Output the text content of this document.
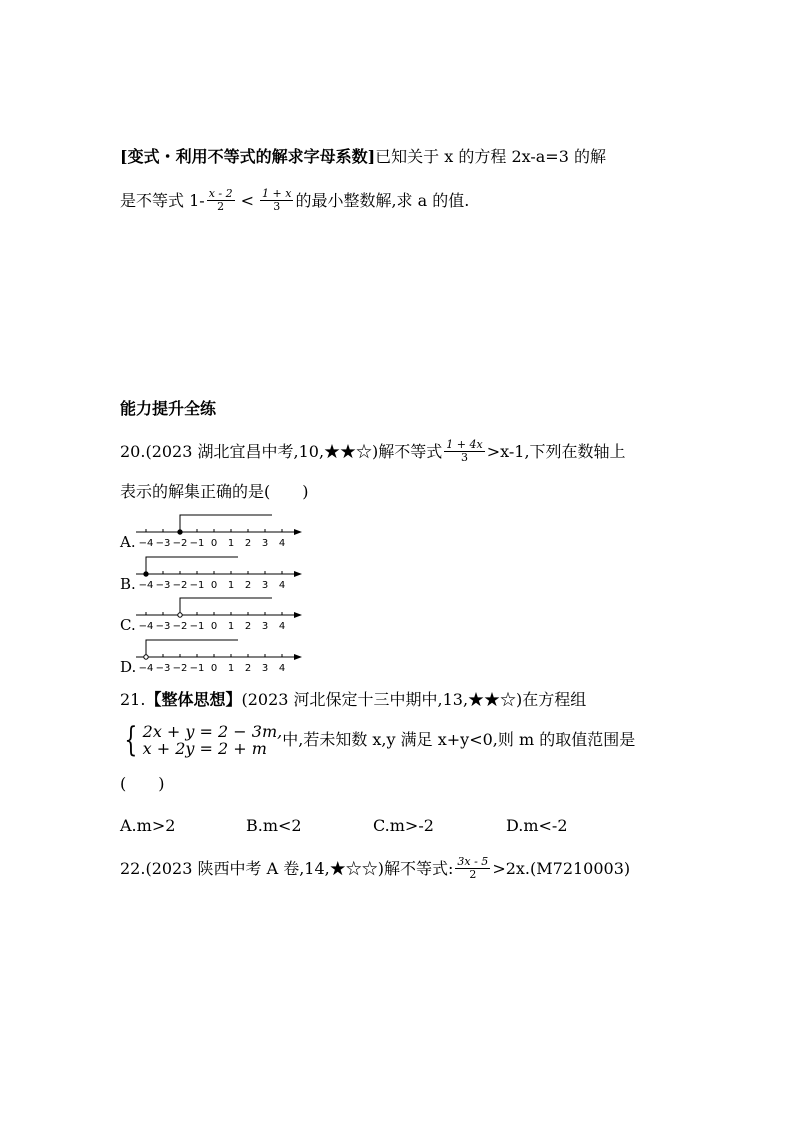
[变式・利用不等式的解求字母系数] 已知关于 x 的方程 2x-a=3 的解
是不等式 $1- \frac{x - 2}{2} < \frac{1 + x}{3}$ 的最小整数解,求 a 的值.
能力提升全练
20.(2023 湖北宜昌中考,10,★★☆)解不等式 $\frac{1 + 4x}{3} >x-1$,下列在数轴上
表示的解集正确的是(　　)
A. −4 −3 −2 −1 0 1 2 3 4
B. −4 −3 −2 −1 0 1 2 3 4
C. −4 −3 −2 −1 0 1 2 3 4
D. −4 −3 −2 −1 0 1 2 3 4
21. 【整体思想】 (2023 河北保定十三中期中,13,★★☆)在方程组
{ 2x + y = 2 − 3m,
x + 2y = 2 + m 中,若未知数 x,y 满足 x+y<0,则 m 的取值范围是
(　　)
A.m>2	B.m<2	C.m>-2	D.m<-2
22.(2023 陕西中考 A 卷,14,★☆☆)解不等式: $\frac{3x - 5}{2} >2x.(M7210003)$
